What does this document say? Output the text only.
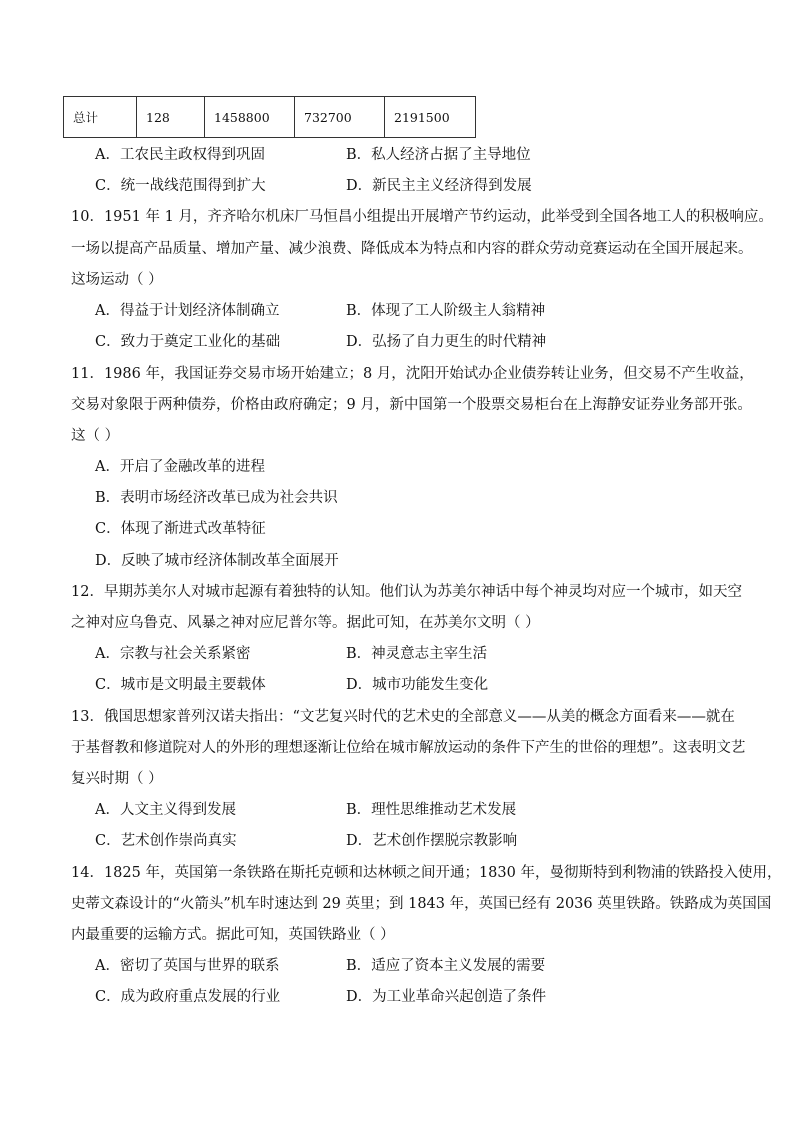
总计	128	1458800	732700	2191500
A．工农民主政权得到巩固	B．私人经济占据了主导地位
C．统一战线范围得到扩大	D．新民主主义经济得到发展
10．1951 年 1 月，齐齐哈尔机床厂马恒昌小组提出开展增产节约运动，此举受到全国各地工人的积极响应。
一场以提高产品质量、增加产量、减少浪费、降低成本为特点和内容的群众劳动竞赛运动在全国开展起来。
这场运动（ ）
A．得益于计划经济体制确立	B．体现了工人阶级主人翁精神
C．致力于奠定工业化的基础	D．弘扬了自力更生的时代精神
11．1986 年，我国证券交易市场开始建立；8 月，沈阳开始试办企业债券转让业务，但交易不产生收益，
交易对象限于两种债券，价格由政府确定；9 月，新中国第一个股票交易柜台在上海静安证券业务部开张。
这（ ）
A．开启了金融改革的进程
B．表明市场经济改革已成为社会共识
C．体现了渐进式改革特征
D．反映了城市经济体制改革全面展开
12．早期苏美尔人对城市起源有着独特的认知。他们认为苏美尔神话中每个神灵均对应一个城市，如天空
之神对应乌鲁克、风暴之神对应尼普尔等。据此可知，在苏美尔文明（ ）
A．宗教与社会关系紧密	B．神灵意志主宰生活
C．城市是文明最主要载体	D．城市功能发生变化
13．俄国思想家普列汉诺夫指出：“文艺复兴时代的艺术史的全部意义——从美的概念方面看来——就在
于基督教和修道院对人的外形的理想逐渐让位给在城市解放运动的条件下产生的世俗的理想”。这表明文艺
复兴时期（ ）
A．人文主义得到发展	B．理性思维推动艺术发展
C．艺术创作崇尚真实	D．艺术创作摆脱宗教影响
14．1825 年，英国第一条铁路在斯托克顿和达林顿之间开通；1830 年，曼彻斯特到利物浦的铁路投入使用，
史蒂文森设计的“火箭头”机车时速达到 29 英里；到 1843 年，英国已经有 2036 英里铁路。铁路成为英国国
内最重要的运输方式。据此可知，英国铁路业（ ）
A．密切了英国与世界的联系	B．适应了资本主义发展的需要
C．成为政府重点发展的行业	D．为工业革命兴起创造了条件
